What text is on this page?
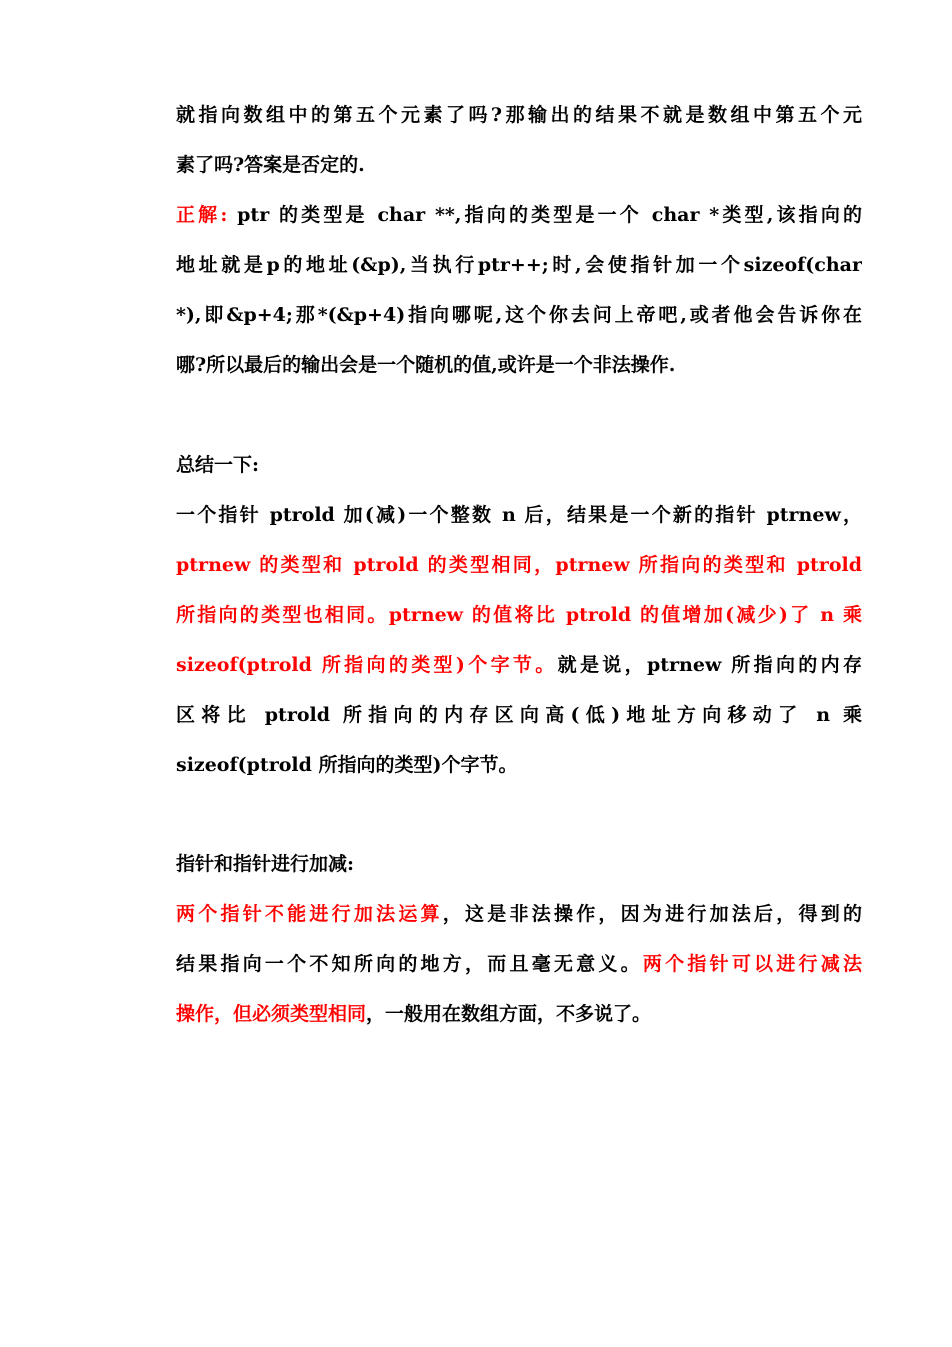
就指向数组中的第五个元素了吗?那输出的结果不就是数组中第五个元
素了吗?答案是否定的.
正解: ptr 的类型是 char **,指向的类型是一个 char *类型,该指向的
地址就是p的地址(&p),当执行ptr++;时,会使指针加一个sizeof(char
*),即&p+4;那*(&p+4)指向哪呢,这个你去问上帝吧,或者他会告诉你在
哪?所以最后的输出会是一个随机的值,或许是一个非法操作.
总结一下:
一个指针 ptrold 加(减)一个整数 n 后，结果是一个新的指针 ptrnew，
ptrnew 的类型和 ptrold 的类型相同，ptrnew 所指向的类型和 ptrold
所指向的类型也相同。ptrnew 的值将比 ptrold 的值增加(减少)了 n 乘
sizeof(ptrold 所指向的类型)个字节。就是说，ptrnew 所指向的内存
区将比 ptrold 所指向的内存区向高(低)地址方向移动了 n 乘
sizeof(ptrold 所指向的类型)个字节。
指针和指针进行加减:
两个指针不能进行加法运算，这是非法操作，因为进行加法后，得到的
结果指向一个不知所向的地方，而且毫无意义。两个指针可以进行减法
操作，但必须类型相同，一般用在数组方面，不多说了。
